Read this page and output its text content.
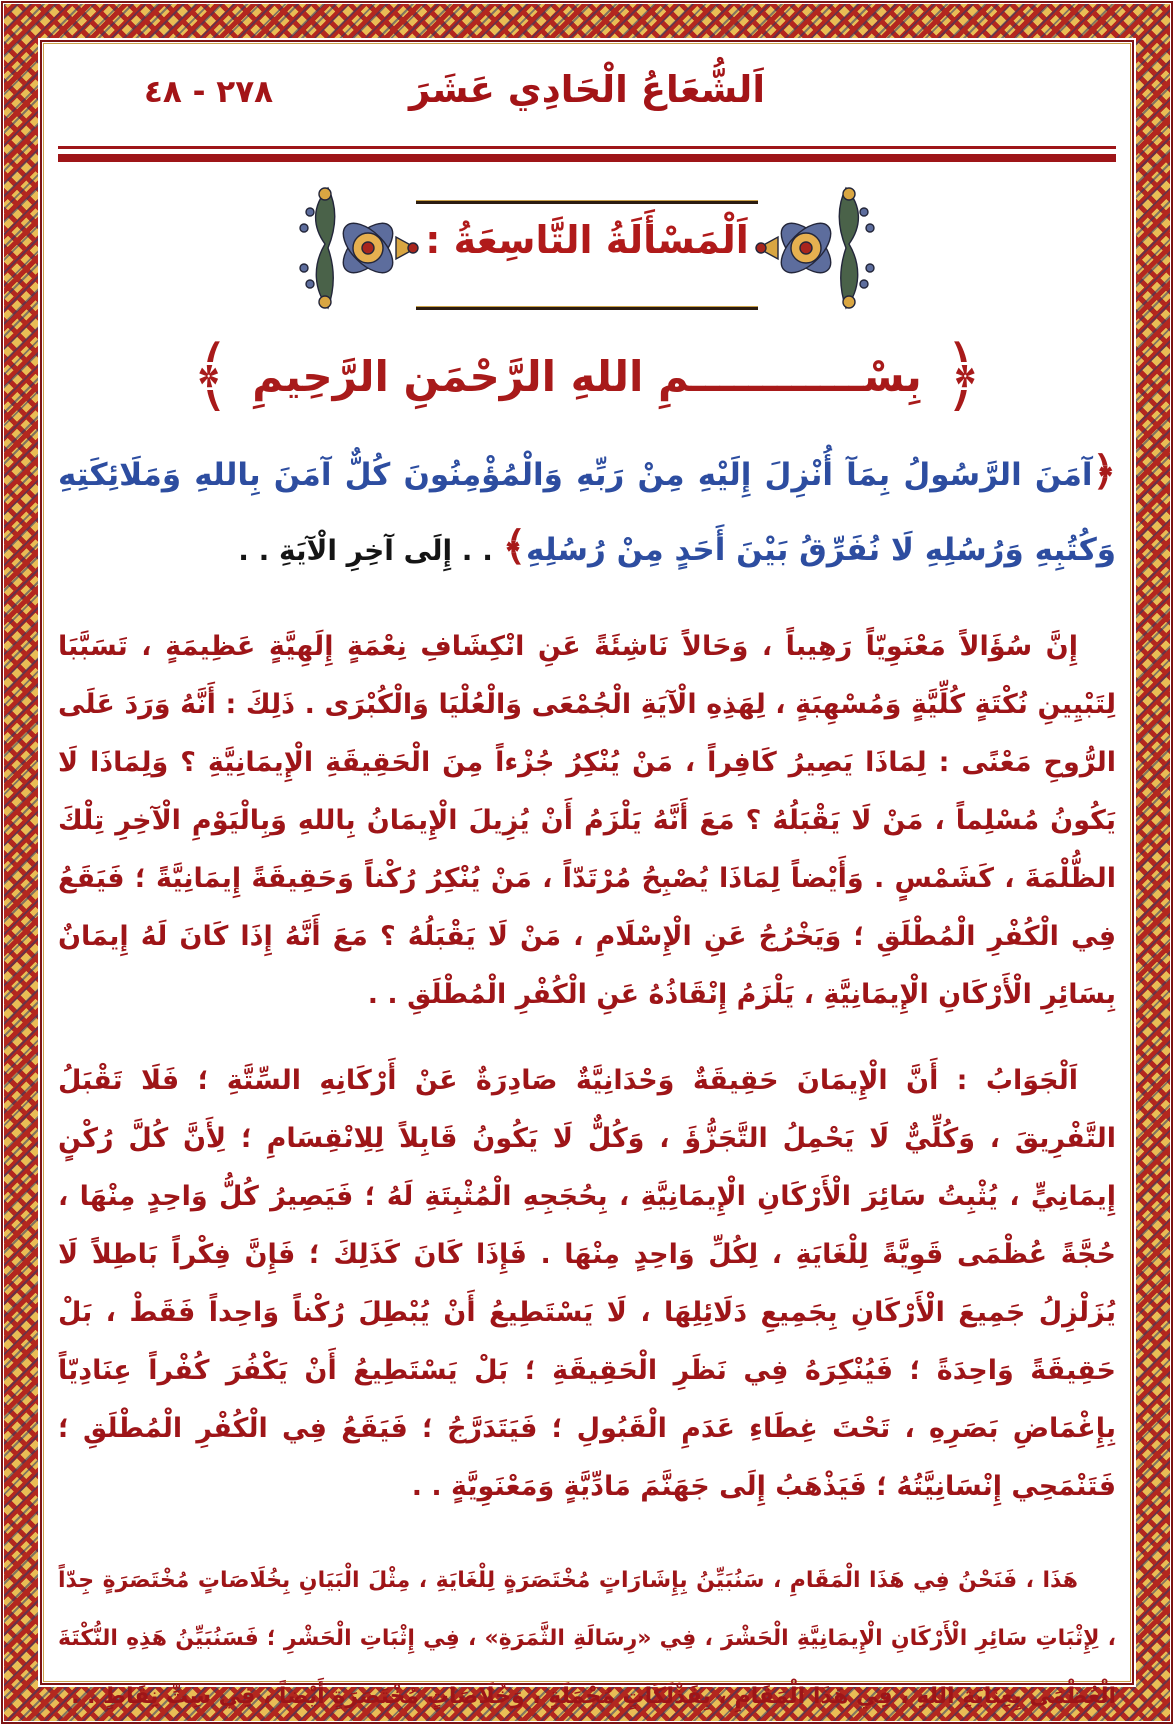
اَلشُّعَاعُ الْحَادِي عَشَرَ
٢٧٨ - ٤٨
اَلْمَسْأَلَةُ التَّاسِعَةُ :
﴿
بِسْــــــــــــمِ اللهِ الرَّحْمَنِ الرَّحِيمِ
﴾

﴿آمَنَ الرَّسُولُ بِمَآ أُنْزِلَ إِلَيْهِ مِنْ رَبِّهِ وَالْمُؤْمِنُونَ كُلٌّ آمَنَ بِاللهِ وَمَلَائِكَتِهِ وَكُتُبِهِ وَرُسُلِهِ لَا نُفَرِّقُ بَيْنَ أَحَدٍ مِنْ رُسُلِهِ﴾ . . إِلَى آخِرِ الْآيَةِ . .

إِنَّ سُؤَالاً مَعْنَوِيّاً رَهِيباً ، وَحَالاً نَاشِئَةً عَنِ انْكِشَافِ نِعْمَةٍ إِلَهِيَّةٍ عَظِيمَةٍ ، تَسَبَّبَا لِتَبْيِينِ نُكْتَةٍ كُلِّيَّةٍ وَمُسْهِبَةٍ ، لِهَذِهِ الْآيَةِ الْجُمْعَى وَالْعُلْيَا وَالْكُبْرَى . ذَلِكَ : أَنَّهُ وَرَدَ عَلَى الرُّوحِ مَعْنًى : لِمَاذَا يَصِيرُ كَافِراً ، مَنْ يُنْكِرُ جُزْءاً مِنَ الْحَقِيقَةِ الْإِيمَانِيَّةِ ؟ وَلِمَاذَا لَا يَكُونُ مُسْلِماً ، مَنْ لَا يَقْبَلُهُ ؟ مَعَ أَنَّهُ يَلْزَمُ أَنْ يُزِيلَ الْإِيمَانُ بِاللهِ وَبِالْيَوْمِ الْآخِرِ تِلْكَ الظُّلْمَةَ ، كَشَمْسٍ . وَأَيْضاً لِمَاذَا يُصْبِحُ مُرْتَدّاً ، مَنْ يُنْكِرُ رُكْناً وَحَقِيقَةً إِيمَانِيَّةً ؛ فَيَقَعُ فِي الْكُفْرِ الْمُطْلَقِ ؛ وَيَخْرُجُ عَنِ الْإِسْلَامِ ، مَنْ لَا يَقْبَلُهُ ؟ مَعَ أَنَّهُ إِذَا كَانَ لَهُ إِيمَانٌ بِسَائِرِ الْأَرْكَانِ الْإِيمَانِيَّةِ ، يَلْزَمُ إِنْقَاذُهُ عَنِ الْكُفْرِ الْمُطْلَقِ . .

اَلْجَوَابُ : أَنَّ الْإِيمَانَ حَقِيقَةٌ وَحْدَانِيَّةٌ صَادِرَةٌ عَنْ أَرْكَانِهِ السِّتَّةِ ؛ فَلَا تَقْبَلُ التَّفْرِيقَ ، وَكُلِّيٌّ لَا يَحْمِلُ التَّجَزُّؤَ ، وَكُلٌّ لَا يَكُونُ قَابِلاً لِلِانْقِسَامِ ؛ لِأَنَّ كُلَّ رُكْنٍ إِيمَانِيٍّ ، يُثْبِتُ سَائِرَ الْأَرْكَانِ الْإِيمَانِيَّةِ ، بِحُجَجِهِ الْمُثْبِتَةِ لَهُ ؛ فَيَصِيرُ كُلُّ وَاحِدٍ مِنْهَا ، حُجَّةً عُظْمَى قَوِيَّةً لِلْغَايَةِ ، لِكُلِّ وَاحِدٍ مِنْهَا . فَإِذَا كَانَ كَذَلِكَ ؛ فَإِنَّ فِكْراً بَاطِلاً لَا يُزَلْزِلُ جَمِيعَ الْأَرْكَانِ بِجَمِيعِ دَلَائِلِهَا ، لَا يَسْتَطِيعُ أَنْ يُبْطِلَ رُكْناً وَاحِداً فَقَطْ ، بَلْ حَقِيقَةً وَاحِدَةً ؛ فَيُنْكِرَهُ فِي نَظَرِ الْحَقِيقَةِ ؛ بَلْ يَسْتَطِيعُ أَنْ يَكْفُرَ كُفْراً عِنَادِيّاً بِإِغْمَاضِ بَصَرِهِ ، تَحْتَ غِطَاءِ عَدَمِ الْقَبُولِ ؛ فَيَتَدَرَّجُ ؛ فَيَقَعُ فِي الْكُفْرِ الْمُطْلَقِ ؛ فَتَنْمَحِي إِنْسَانِيَّتُهُ ؛ فَيَذْهَبُ إِلَى جَهَنَّمَ مَادِّيَّةٍ وَمَعْنَوِيَّةٍ . .

هَذَا ، فَنَحْنُ فِي هَذَا الْمَقَامِ ، سَنُبَيِّنُ بِإِشَارَاتٍ مُخْتَصَرَةٍ لِلْغَايَةِ ، مِثْلَ الْبَيَانِ بِخُلَاصَاتٍ مُخْتَصَرَةٍ جِدّاً ، لِإِثْبَاتِ سَائِرِ الْأَرْكَانِ الْإِيمَانِيَّةِ الْحَشْرَ ، فِي «رِسَالَةِ الثَّمَرَةِ» ، فِي إِثْبَاتِ الْحَشْرِ ؛ فَسَنُبَيِّنُ هَذِهِ النُّكْتَةَ الْعُظْمَى بِعِنَايَةِ اللهِ ، فِي هَذَا الْمَقَامِ ، بِفَذْلَكَاتٍ مُجْمَلَةٍ ، وَخُلَاصَاتٍ مُخْتَصَرَةٍ أَيْضاً ، فِي سِتِّ نِقَاطٍ . .
